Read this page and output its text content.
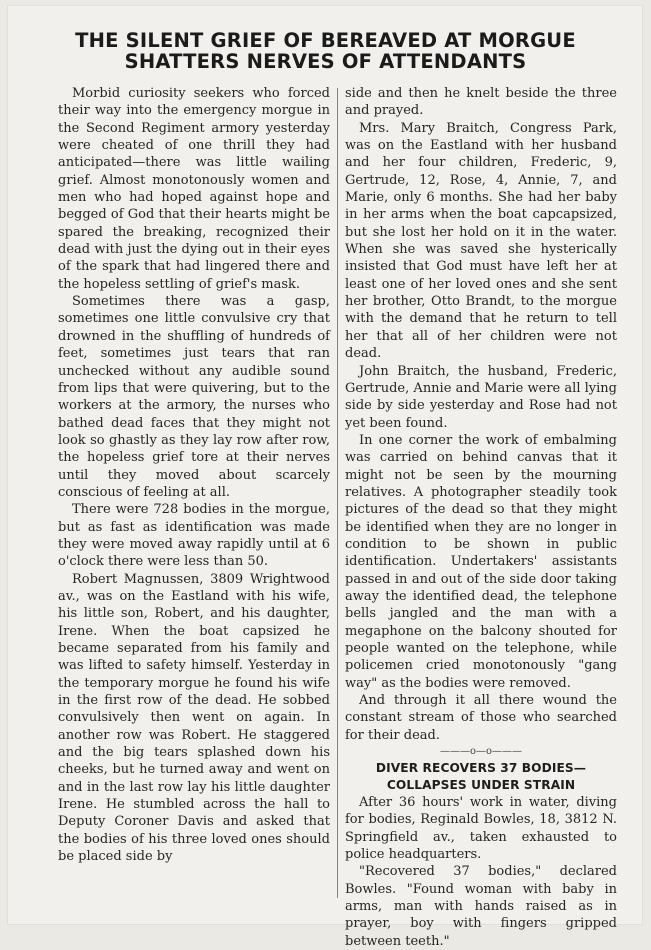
THE SILENT GRIEF OF BEREAVED AT MORGUE
SHATTERS NERVES OF ATTENDANTS

Morbid curiosity seekers who forced their way into the emergency morgue in the Second Regiment armory yesterday were cheated of one thrill they had anticipated—there was little wailing grief. Almost monotonously women and men who had hoped against hope and begged of God that their hearts might be spared the breaking, recognized their dead with just the dying out in their eyes of the spark that had lingered there and the hopeless settling of grief's mask.

Sometimes there was a gasp, sometimes one little convulsive cry that drowned in the shuffling of hundreds of feet, sometimes just tears that ran unchecked without any audible sound from lips that were quivering, but to the workers at the armory, the nurses who bathed dead faces that they might not look so ghastly as they lay row after row, the hopeless grief tore at their nerves until they moved about scarcely conscious of feeling at all.

There were 728 bodies in the morgue, but as fast as identification was made they were moved away rapidly until at 6 o'clock there were less than 50.

Robert Magnussen, 3809 Wrightwood av., was on the Eastland with his wife, his little son, Robert, and his daughter, Irene. When the boat capsized he became separated from his family and was lifted to safety himself. Yesterday in the temporary morgue he found his wife in the first row of the dead. He sobbed convulsively then went on again. In another row was Robert. He staggered and the big tears splashed down his cheeks, but he turned away and went on and in the last row lay his little daughter Irene. He stumbled across the hall to Deputy Coroner Davis and asked that the bodies of his three loved ones should be placed side by

side and then he knelt beside the three and prayed.

Mrs. Mary Braitch, Congress Park, was on the Eastland with her husband and her four children, Frederic, 9, Gertrude, 12, Rose, 4, Annie, 7, and Marie, only 6 months. She had her baby in her arms when the boat capcapsized, but she lost her hold on it in the water. When she was saved she hysterically insisted that God must have left her at least one of her loved ones and she sent her brother, Otto Brandt, to the morgue with the demand that he return to tell her that all of her children were not dead.

John Braitch, the husband, Frederic, Gertrude, Annie and Marie were all lying side by side yesterday and Rose had not yet been found.

In one corner the work of embalming was carried on behind canvas that it might not be seen by the mourning relatives. A photographer steadily took pictures of the dead so that they might be identified when they are no longer in condition to be shown in public identification. Undertakers' assistants passed in and out of the side door taking away the identified dead, the telephone bells jangled and the man with a megaphone on the balcony shouted for people wanted on the telephone, while policemen cried monotonously "gang way" as the bodies were removed.

And through it all there wound the constant stream of those who searched for their dead.

———o—o———
DIVER RECOVERS 37 BODIES—
COLLAPSES UNDER STRAIN

After 36 hours' work in water, diving for bodies, Reginald Bowles, 18, 3812 N. Springfield av., taken exhausted to police headquarters.

"Recovered 37 bodies," declared Bowles. "Found woman with baby in arms, man with hands raised as in prayer, boy with fingers gripped between teeth."
